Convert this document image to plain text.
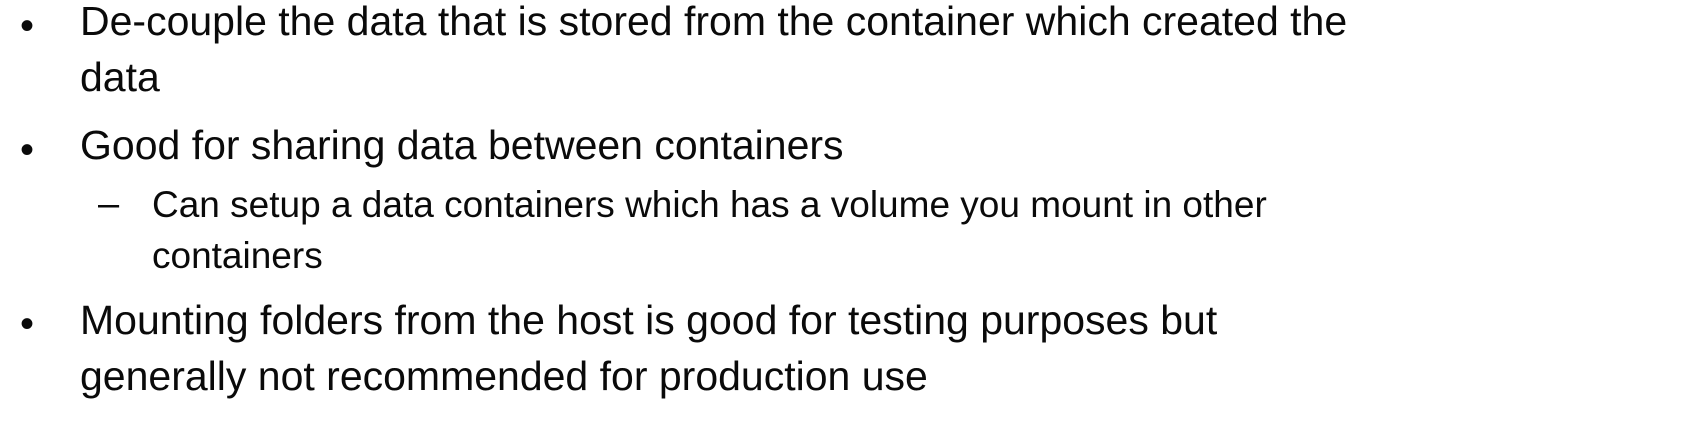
• De-couple the data that is stored from the container which created the
data
• Good for sharing data between containers
– Can setup a data containers which has a volume you mount in other
containers
• Mounting folders from the host is good for testing purposes but
generally not recommended for production use
